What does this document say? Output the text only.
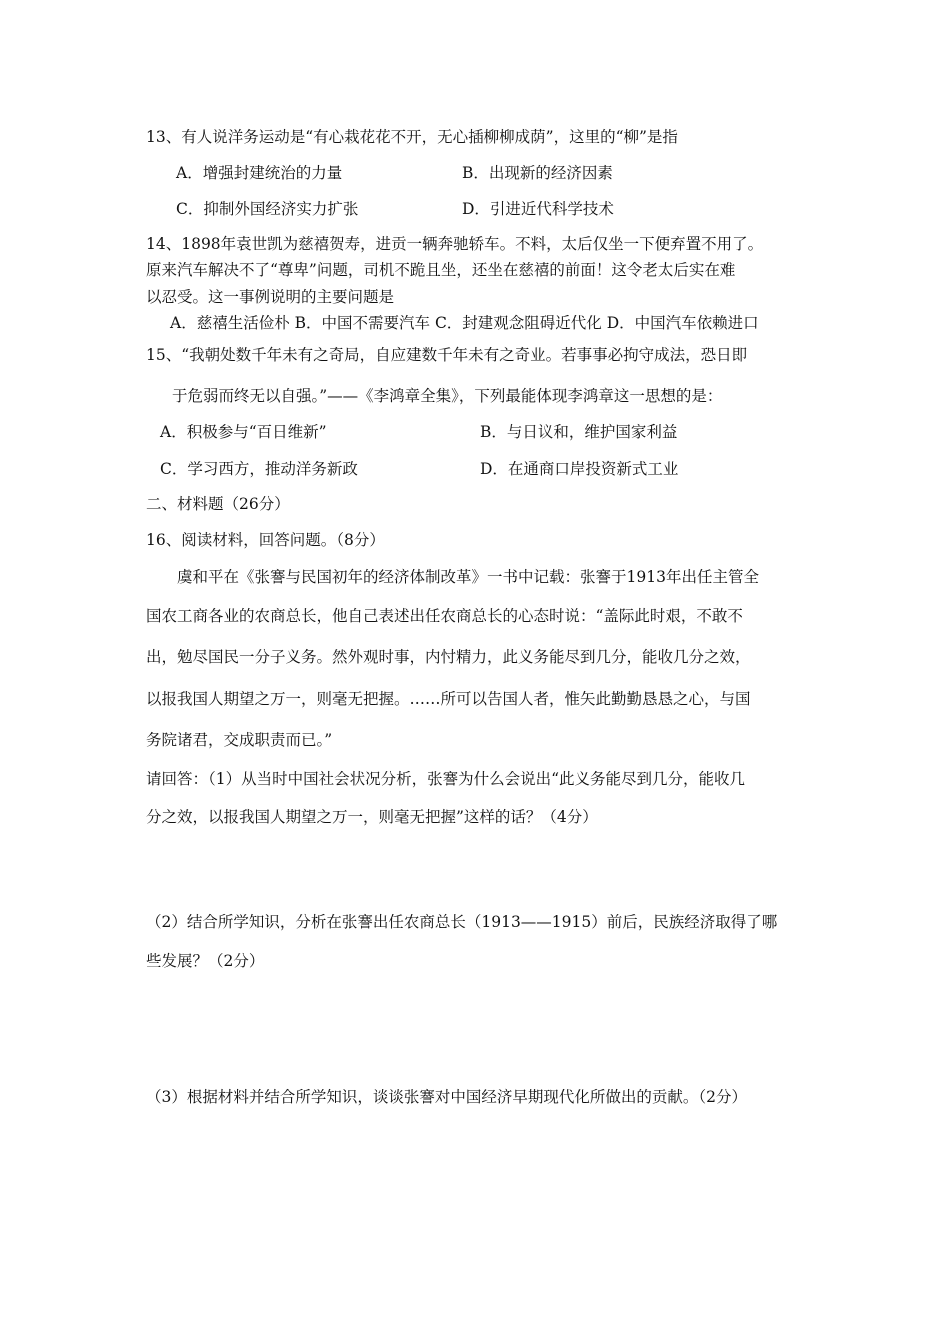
13、有人说洋务运动是“有心栽花花不开，无心插柳柳成荫”，这里的“柳”是指
A．增强封建统治的力量	B．出现新的经济因素
C．抑制外国经济实力扩张	D．引进近代科学技术
14、1898年袁世凯为慈禧贺寿，进贡一辆奔驰轿车。不料，太后仅坐一下便弃置不用了。
原来汽车解决不了“尊卑”问题，司机不跪且坐，还坐在慈禧的前面！这令老太后实在难
以忍受。这一事例说明的主要问题是
A．慈禧生活俭朴 B．中国不需要汽车 C．封建观念阻碍近代化 D．中国汽车依赖进口
15、“我朝处数千年未有之奇局，自应建数千年未有之奇业。若事事必拘守成法，恐日即
于危弱而终无以自强。”——《李鸿章全集》，下列最能体现李鸿章这一思想的是：
A．积极参与“百日维新”	B．与日议和，维护国家利益
C．学习西方，推动洋务新政	D．在通商口岸投资新式工业
二、材料题（26分）
16、阅读材料，回答问题。（8分）
虞和平在《张謇与民国初年的经济体制改革》一书中记载：张謇于1913年出任主管全
国农工商各业的农商总长，他自己表述出任农商总长的心态时说：“盖际此时艰，不敢不
出，勉尽国民一分子义务。然外观时事，内忖精力，此义务能尽到几分，能收几分之效，
以报我国人期望之万一，则毫无把握。……所可以告国人者，惟矢此勤勤恳恳之心，与国
务院诸君，交成职责而已。”
请回答：（1）从当时中国社会状况分析，张謇为什么会说出“此义务能尽到几分，能收几
分之效，以报我国人期望之万一，则毫无把握”这样的话？（4分）
（2）结合所学知识，分析在张謇出任农商总长（1913——1915）前后，民族经济取得了哪
些发展？（2分）
（3）根据材料并结合所学知识，谈谈张謇对中国经济早期现代化所做出的贡献。（2分）
